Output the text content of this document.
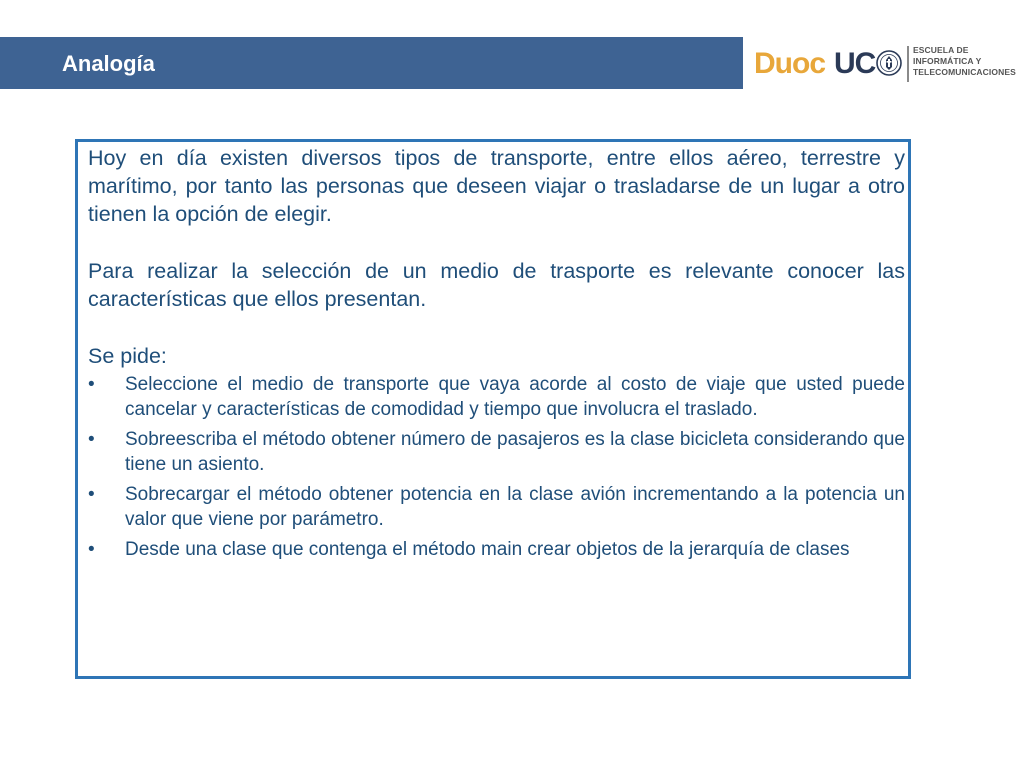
Analogía	Duoc UC	ESCUELA DE
INFORMÁTICA Y
TELECOMUNICACIONES

Hoy en día existen diversos tipos de transporte, entre ellos aéreo, terrestre y marítimo, por tanto las personas que deseen viajar o trasladarse de un lugar a otro tienen la opción de elegir.

Para realizar la selección de un medio de trasporte es relevante conocer las características que ellos presentan.

Se pide:

•	Seleccione el medio de transporte que vaya acorde al costo de viaje que usted puede cancelar y características de comodidad y tiempo que involucra el traslado.
•	Sobreescriba el método obtener número de pasajeros es la clase bicicleta considerando que tiene un asiento.
•	Sobrecargar el método obtener potencia en la clase avión incrementando a la potencia un valor que viene por parámetro.
•	Desde una clase que contenga el método main crear objetos de la jerarquía de clases
